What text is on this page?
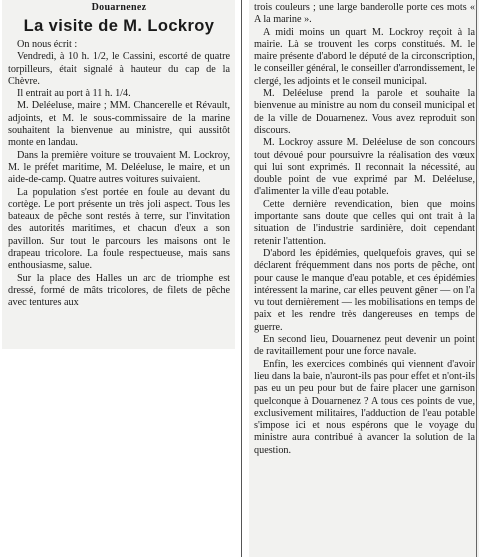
Douarnenez
La visite de M. Lockroy

On nous écrit :

Vendredi, à 10 h. 1/2, le Cassini, escorté de quatre torpilleurs, était signalé à hauteur du cap de la Chèvre.

Il entrait au port à 11 h. 1/4.

M. Deléeluse, maire ; MM. Chancerelle et Révault, adjoints, et M. le sous-commissaire de la marine souhaitent la bienvenue au ministre, qui aussitôt monte en landau.

Dans la première voiture se trouvaient M. Lockroy, M. le préfet maritime, M. Deléeluse, le maire, et un aide-de-camp. Quatre autres voitures suivaient.

La population s'est portée en foule au devant du cortège. Le port présente un très joli aspect. Tous les bateaux de pêche sont restés à terre, sur l'invitation des autorités maritimes, et chacun d'eux a son pavillon. Sur tout le parcours les maisons ont le drapeau tricolore. La foule respectueuse, mais sans enthousiasme, salue.

Sur la place des Halles un arc de triomphe est dressé, formé de mâts tricolores, de filets de pêche avec tentures aux

trois couleurs ; une large banderolle porte ces mots « A la marine ».

A midi moins un quart M. Lockroy reçoit à la mairie. Là se trouvent les corps constitués. M. le maire présente d'abord le député de la circonscription, le conseiller général, le conseiller d'arrondissement, le clergé, les adjoints et le conseil municipal.

M. Deléeluse prend la parole et souhaite la bienvenue au ministre au nom du conseil municipal et de la ville de Douarnenez. Vous avez reproduit son discours.

M. Lockroy assure M. Deléeluse de son concours tout dévoué pour poursuivre la réalisation des vœux qui lui sont exprimés. Il reconnait la nécessité, au double point de vue exprimé par M. Deléeluse, d'alimenter la ville d'eau potable.

Cette dernière revendication, bien que moins importante sans doute que celles qui ont trait à la situation de l'industrie sardinière, doit cependant retenir l'attention.

D'abord les épidémies, quelquefois graves, qui se déclarent fréquemment dans nos ports de pêche, ont pour cause le manque d'eau potable, et ces épidémies intéressent la marine, car elles peuvent gêner — on l'a vu tout dernièrement — les mobilisations en temps de paix et les rendre très dangereuses en temps de guerre.

En second lieu, Douarnenez peut devenir un point de ravitaillement pour une force navale.

Enfin, les exercices combinés qui viennent d'avoir lieu dans la baie, n'auront-ils pas pour effet et n'ont-ils pas eu un peu pour but de faire placer une garnison quelconque à Douarnenez ? A tous ces points de vue, exclusivement militaires, l'adduction de l'eau potable s'impose ici et nous espérons que le voyage du ministre aura contribué à avancer la solution de la question.
